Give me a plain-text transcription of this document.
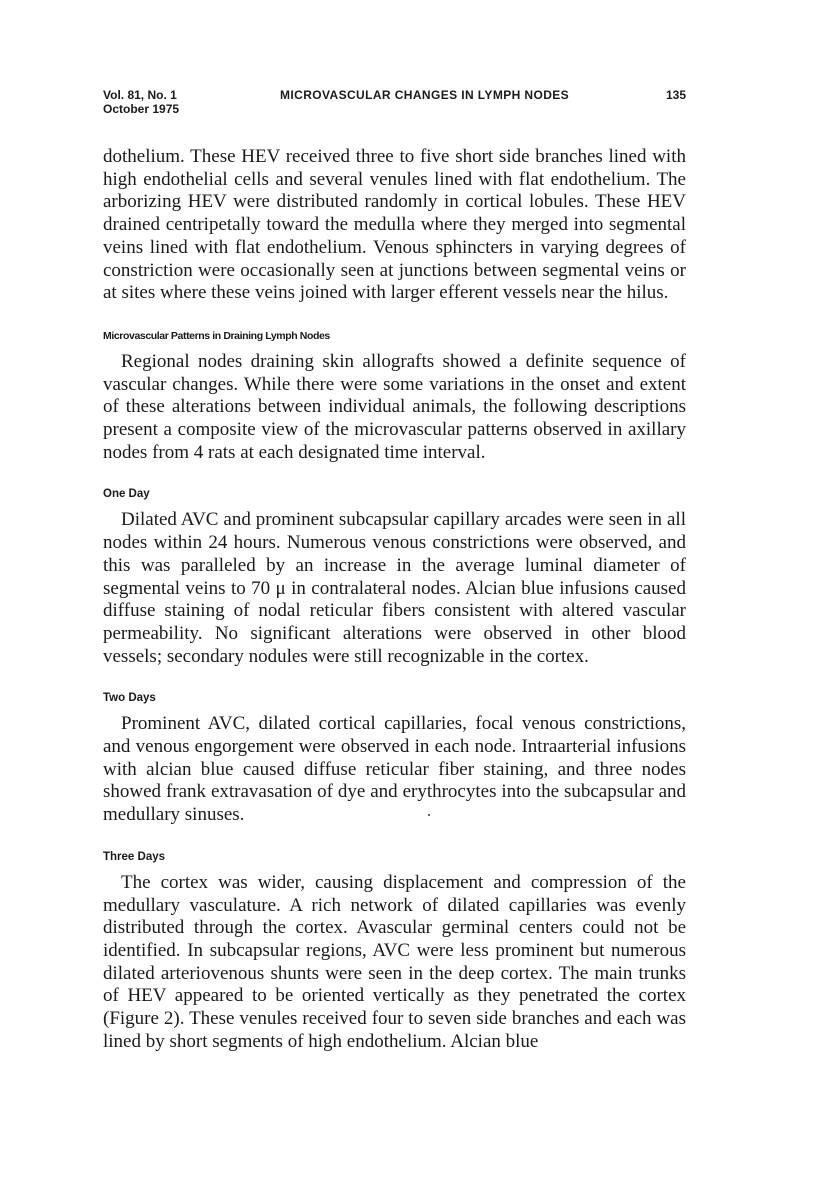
Vol. 81, No. 1
October 1975
MICROVASCULAR CHANGES IN LYMPH NODES	135

dothelium. These HEV received three to five short side branches lined with high endothelial cells and several venules lined with flat endothelium. The arborizing HEV were distributed randomly in cortical lobules. These HEV drained centripetally toward the medulla where they merged into segmental veins lined with flat endothelium. Venous sphincters in varying degrees of constriction were occasionally seen at junctions between segmental veins or at sites where these veins joined with larger efferent vessels near the hilus.

Microvascular Patterns in Draining Lymph Nodes

Regional nodes draining skin allografts showed a definite sequence of vascular changes. While there were some variations in the onset and extent of these alterations between individual animals, the following descriptions present a composite view of the microvascular patterns observed in axillary nodes from 4 rats at each designated time interval.

One Day

Dilated AVC and prominent subcapsular capillary arcades were seen in all nodes within 24 hours. Numerous venous constrictions were observed, and this was paralleled by an increase in the average luminal diameter of segmental veins to 70 μ in contralateral nodes. Alcian blue infusions caused diffuse staining of nodal reticular fibers consistent with altered vascular permeability. No significant alterations were observed in other blood vessels; secondary nodules were still recognizable in the cortex.

Two Days

Prominent AVC, dilated cortical capillaries, focal venous constrictions, and venous engorgement were observed in each node. Intraarterial infusions with alcian blue caused diffuse reticular fiber staining, and three nodes showed frank extravasation of dye and erythrocytes into the subcapsular and medullary sinuses.

Three Days

The cortex was wider, causing displacement and compression of the medullary vasculature. A rich network of dilated capillaries was evenly distributed through the cortex. Avascular germinal centers could not be identified. In subcapsular regions, AVC were less prominent but numerous dilated arteriovenous shunts were seen in the deep cortex. The main trunks of HEV appeared to be oriented vertically as they penetrated the cortex (Figure 2). These venules received four to seven side branches and each was lined by short segments of high endothelium. Alcian blue
